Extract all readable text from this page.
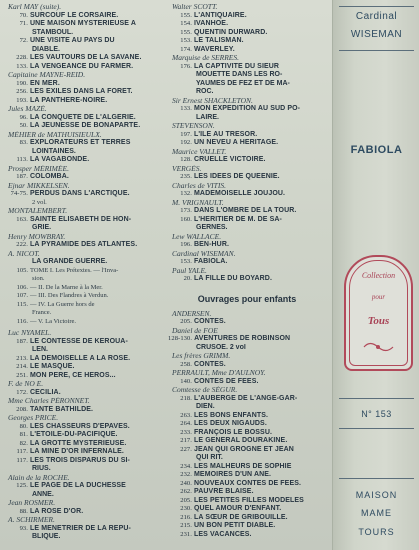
Karl MAY (suite).
70. SURCOUF LE CORSAIRE.
71. UNE MAISON MYSTÉRIEUSE A
STAMBOUL.
72. UNE VISITE AU PAYS DU
DIABLE.
228. LES VAUTOURS DE LA SAVANE.
133. LA VENGEANCE DU FARMER.
Capitaine MAYNE-REID.
190. EN MER.
256. LES EXILÉS DANS LA FORÊT.
193. LA PANTHÈRE-NOIRE.
Jules MAZÉ.
96. LA CONQUÊTE DE L'ALGÉRIE.
50. LA JEUNESSE DE BONAPARTE.
MÉHIER de MATHUISIEULX.
83. EXPLORATEURS ET TERRES
LOINTAINES.
113. LA VAGABONDE.
Prosper MÉRIMÉE.
187. COLOMBA.
Ejnar MIKKELSEN.
74-75. PERDUS DANS L'ARCTIQUE.
2 vol.
MONTALEMBERT.
163. SAINTE ELISABETH DE HON-
GRIE.
Henry MOWBRAY.
222. LA PYRAMIDE DES ATLANTES.
A. NICOT.
LA GRANDE GUERRE.
105. TOME I. Les Prétextes. — l'Inva-
sion.
106. — II. De la Marne à la Mer.
107. — III. Des Flandres à Verdun.
115. — IV. La Guerre hors de
France.
116. — V. La Victoire.
Luc NYAMEL.
187. LE CONTESSE DE KEROUA-
LEN.
213. LA DEMOISELLE A LA ROSE.
214. LE MASQUE.
251. MON PÈRE, CE HÉROS...
F. de NO E.
172. CÉCILIA.
Mme Charles PÉRONNET.
208. TANTE BATHILDE.
Georges PRICE.
80. LES CHASSEURS D'ÉPAVES.
81. L'ÉTOILE-DU-PACIFIQUE.
82. LA GROTTE MYSTÉRIEUSE.
117. LA MINE D'OR INFERNALE.
117. LES TROIS DISPARUS DU SI-
RIUS.
Alain de la ROCHE.
125. LE PAGE DE LA DUCHESSE
ANNE.
Jean ROSMER.
88. LA ROSE D'OR.
A. SCHIRMER.
93. LE MÉNÉTRIER DE LA RÉPU-
BLIQUE.
Walter SCOTT.
155. L'ANTIQUAIRE.
154. IVANHOÉ.
155. QUENTIN DURWARD.
153. LE TALISMAN.
174. WAVERLEY.
Marquise de SERRES.
176. LA CAPTIVITÉ DU SIEUR
MOUETTE DANS LES RO-
YAUMES DE FEZ ET DE MA-
ROC.
Sir Ernest SHACKLETON.
133. MON EXPÉDITION AU SUD PO-
LAIRE.
STEVENSON.
197. L'ÎLE AU TRÉSOR.
192. UN NEVEU A HÉRITAGE.
Maurice VALLET.
128. CRUELLE VICTOIRE.
VERGÈS.
235. LES IDÉES DE QUEENIE.
Charles de VITIS.
132. MADEMOISELLE JOUJOU.
M. VRIGNAULT.
173. DANS L'OMBRE DE LA TOUR.
160. L'HÉRITIER DE M. DE SA-
GERNES.
Lew WALLACE.
196. BEN-HUR.
Cardinal WISEMAN.
153. FABIOLA.
Paul YALE.
20. LA FILLE DU BOYARD.
Ouvrages pour enfants
ANDERSEN.
205. CONTES.
Daniel de FOE
128-130. AVENTURES DE ROBINSON
CRUSOÉ. 2 vol
Les frères GRIMM.
258. CONTES.
PERRAULT, Mme D'AULNOY.
140. CONTES DE FÉES.
Comtesse de SÉGUR.
218. L'AUBERGE DE L'ANGE-GAR-
DIEN.
263. LES BONS ENFANTS.
264. LES DEUX NIGAUDS.
233. FRANÇOIS LE BOSSU.
217. LE GÉNÉRAL DOURAKINE.
227. JEAN QUI GROGNE ET JEAN
QUI RIT.
234. LES MALHEURS DE SOPHIE
232. MÉMOIRES D'UN ANE.
240. NOUVEAUX CONTES DE FÉES.
262. PAUVRE BLAISE.
205. LES PETITES FILLES MODÈLES
230. QUEL AMOUR D'ENFANT.
216. LA SŒUR DE GRIBOUILLE.
215. UN BON PETIT DIABLE.
231. LES VACANCES.
Cardinal
WISEMAN
FABIOLA
Collection
pour
Tous
N° 153
MAISON
MAME
TOURS
